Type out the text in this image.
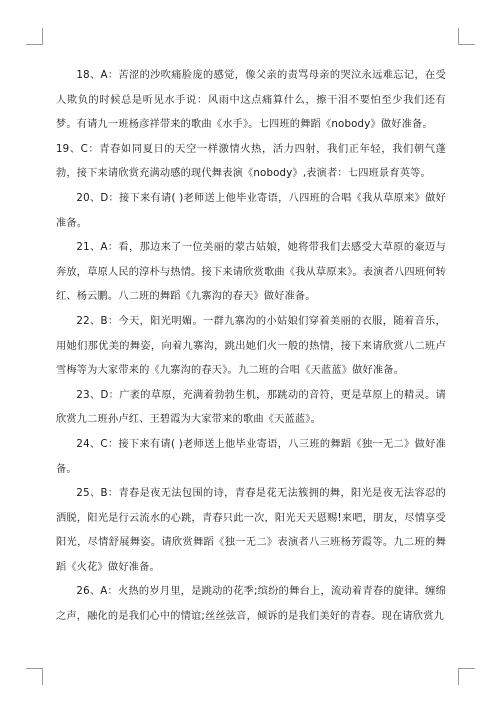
18、A：苦涩的沙吹痛脸庞的感觉，像父亲的责骂母亲的哭泣永远难忘记，在受人欺负的时候总是听见水手说：风雨中这点痛算什么，擦干泪不要怕至少我们还有梦。有请九一班杨彦祥带来的歌曲《水手》。七四班的舞蹈《nobody》做好准备。

19、C：青春如同夏日的天空一样激情火热，活力四射，我们正年轻，我们朝气蓬勃，接下来请欣赏充满动感的现代舞表演《nobody》,表演者：七四班景育英等。

20、D：接下来有请( )老师送上他毕业寄语，八四班的合唱《我从草原来》做好准备。

21、A：看，那边来了一位美丽的蒙古姑娘，她将带我们去感受大草原的豪迈与奔放，草原人民的淳朴与热情。接下来请欣赏歌曲《我从草原来》。表演者八四班何转红、杨云鹏。八二班的舞蹈《九寨沟的春天》做好准备。

22、B：今天，阳光明媚。一群九寨沟的小姑娘们穿着美丽的衣服，随着音乐，用她们那优美的舞姿，向着九寨沟，跳出她们火一般的热情，接下来请欣赏八二班卢雪梅等为大家带来的《九寨沟的春天》。九二班的合唱《天蓝蓝》做好准备。

23、D：广袤的草原，充满着勃勃生机，那跳动的音符，更是草原上的精灵。请欣赏九二班孙卢红、王碧霞为大家带来的歌曲《天蓝蓝》。

24、C：接下来有请( )老师送上他毕业寄语，八三班的舞蹈《独一无二》做好准备。

25、B：青春是夜无法包围的诗，青春是花无法簇拥的舞，阳光是夜无法容忍的洒脱，阳光是行云流水的心跳，青春只此一次，阳光天天恩赐!来吧，朋友，尽情享受阳光，尽情舒展舞姿。请欣赏舞蹈《独一无二》表演者八三班杨芳霞等。九二班的舞蹈《火花》做好准备。

26、A：火热的岁月里，是跳动的花季;缤纷的舞台上，流动着青春的旋律。缠绵之声，融化的是我们心中的情谊;丝丝弦音，倾诉的是我们美好的青春。现在请欣赏九
